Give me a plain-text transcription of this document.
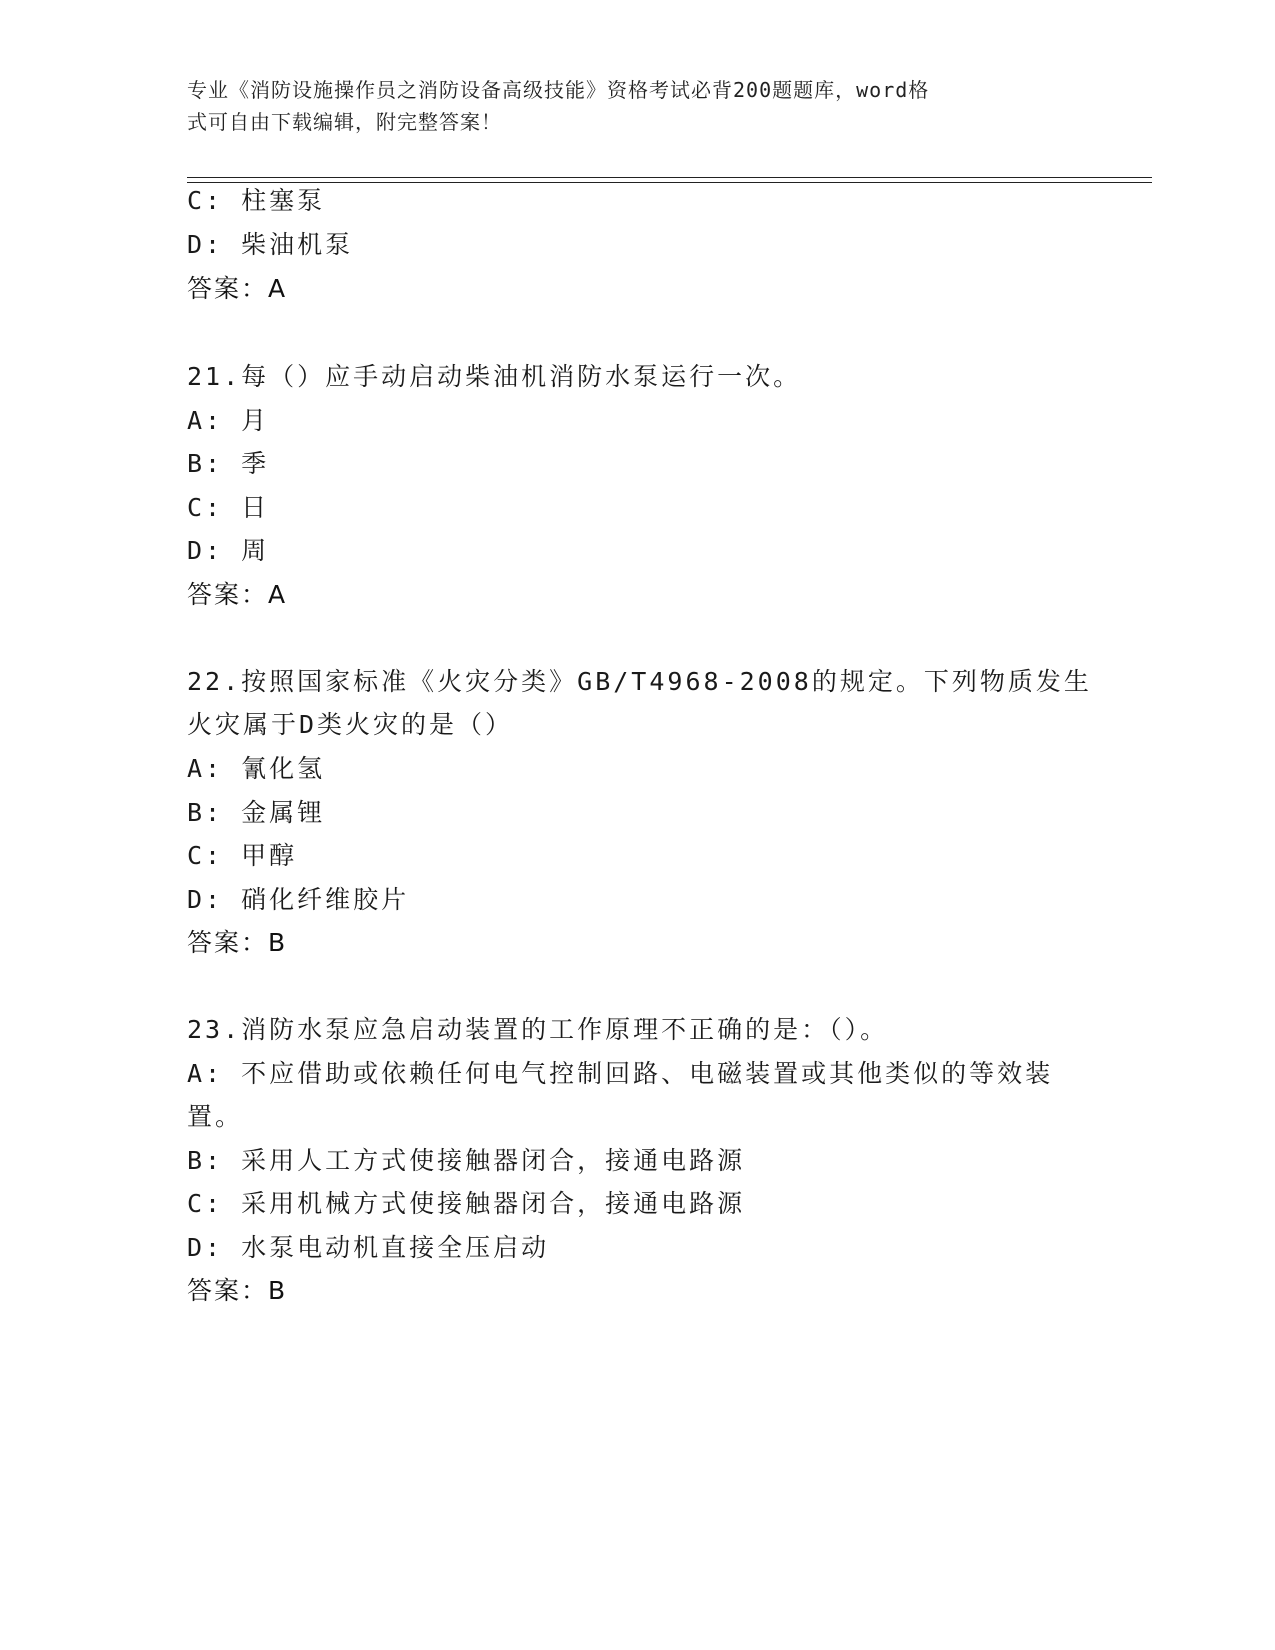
专业《消防设施操作员之消防设备高级技能》资格考试必背200题题库，word格
式可自由下载编辑，附完整答案！
C: 柱塞泵
D: 柴油机泵
答案：A
21.每（）应手动启动柴油机消防水泵运行一次。
A: 月
B: 季
C: 日
D: 周
答案：A
22.按照国家标准《火灾分类》GB/T4968-2008的规定。下列物质发生
火灾属于D类火灾的是（）
A: 氰化氢
B: 金属锂
C: 甲醇
D: 硝化纤维胶片
答案：B
23.消防水泵应急启动装置的工作原理不正确的是：（）。
A: 不应借助或依赖任何电气控制回路、电磁装置或其他类似的等效装
置。
B: 采用人工方式使接触器闭合，接通电路源
C: 采用机械方式使接触器闭合，接通电路源
D: 水泵电动机直接全压启动
答案：B
